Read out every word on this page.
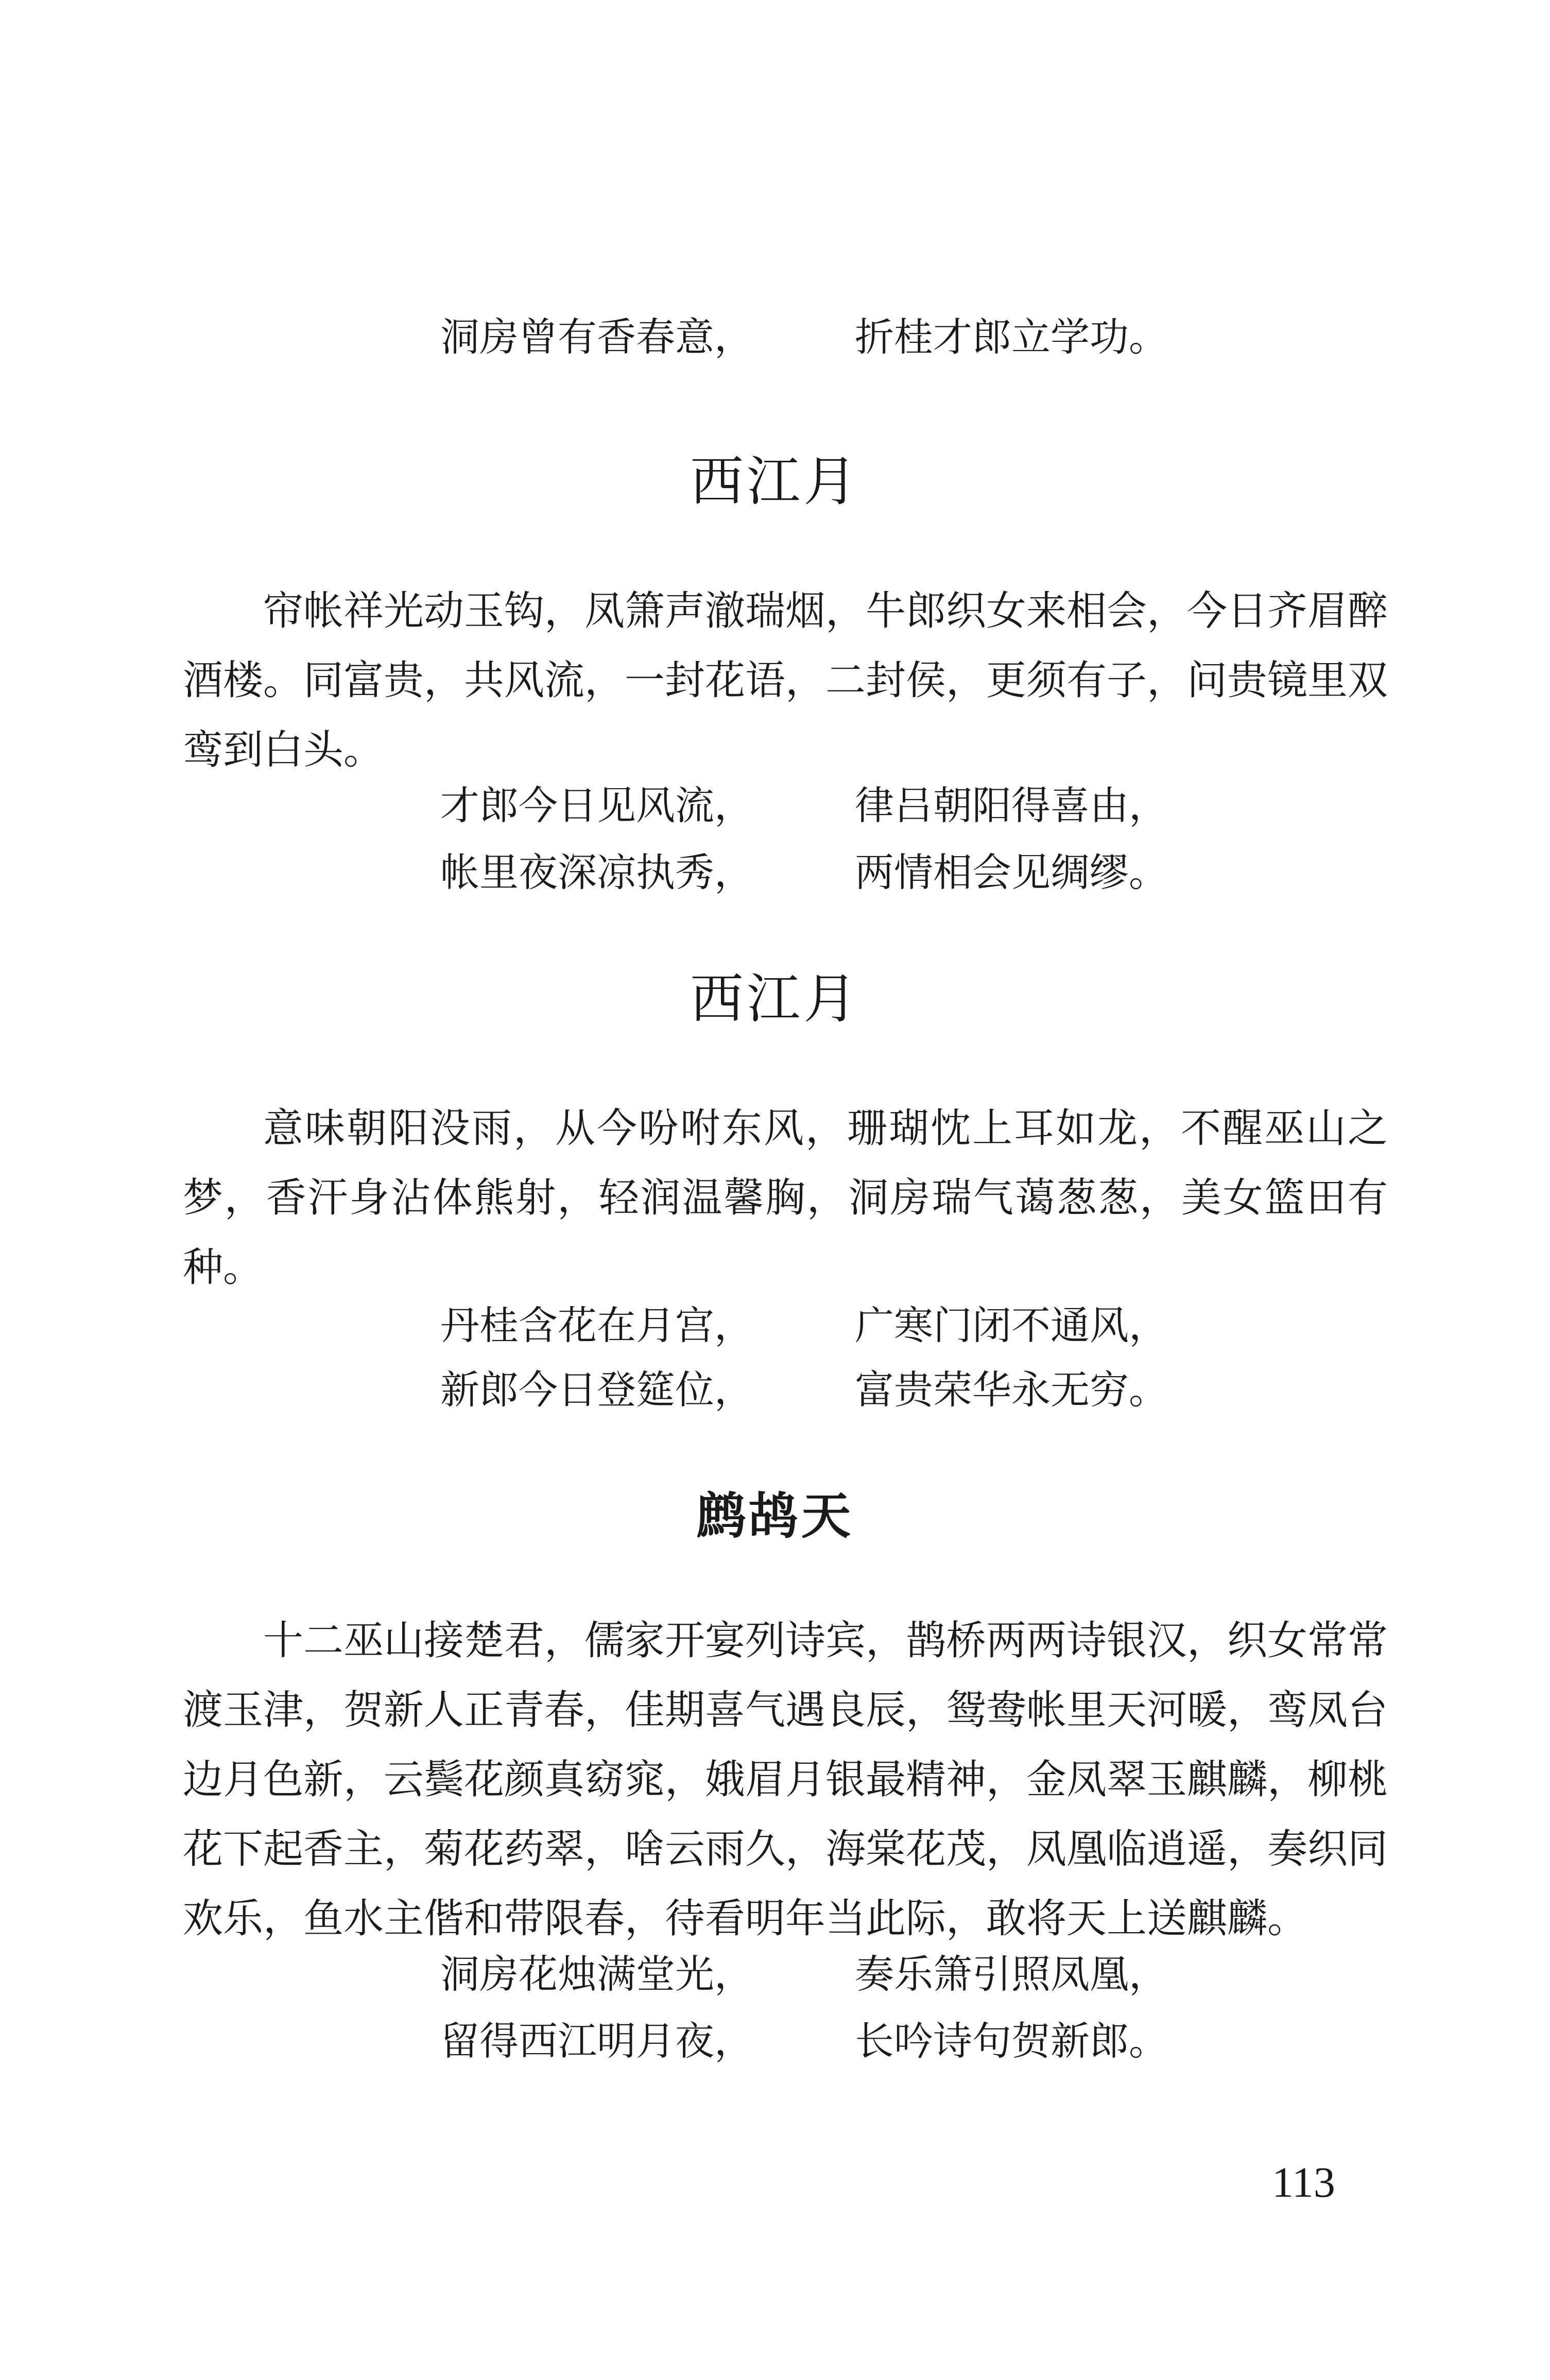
洞房曾有香春意，	折桂才郎立学功。
西江月

帘帐祥光动玉钩，凤箫声澈瑞烟，牛郎织女来相会，今日齐眉醉酒楼。同富贵，共风流，一封花语，二封侯，更须有子，问贵镜里双鸾到白头。

才郎今日见风流，	律吕朝阳得喜由，
帐里夜深凉执秀，	两情相会见绸缪。
西江月

意味朝阳没雨，从今吩咐东风，珊瑚忱上耳如龙，不醒巫山之梦，香汗身沾体熊射，轻润温馨胸，洞房瑞气蔼葱葱，美女篮田有种。

丹桂含花在月宫，	广寒门闭不通风，
新郎今日登筵位，	富贵荣华永无穷。
鹧鸪天

十二巫山接楚君，儒家开宴列诗宾，鹊桥两两诗银汉，织女常常渡玉津，贺新人正青春，佳期喜气遇良辰，鸳鸯帐里天河暖，鸾凤台边月色新，云鬓花颜真窈窕，娥眉月银最精神，金凤翠玉麒麟，柳桃花下起香主，菊花药翠，啥云雨久，海棠花茂，凤凰临逍遥，奏织同欢乐，鱼水主偕和带限春，待看明年当此际，敢将天上送麒麟。

洞房花烛满堂光，	奏乐箫引照凤凰，
留得西江明月夜，	长吟诗句贺新郎。
113
